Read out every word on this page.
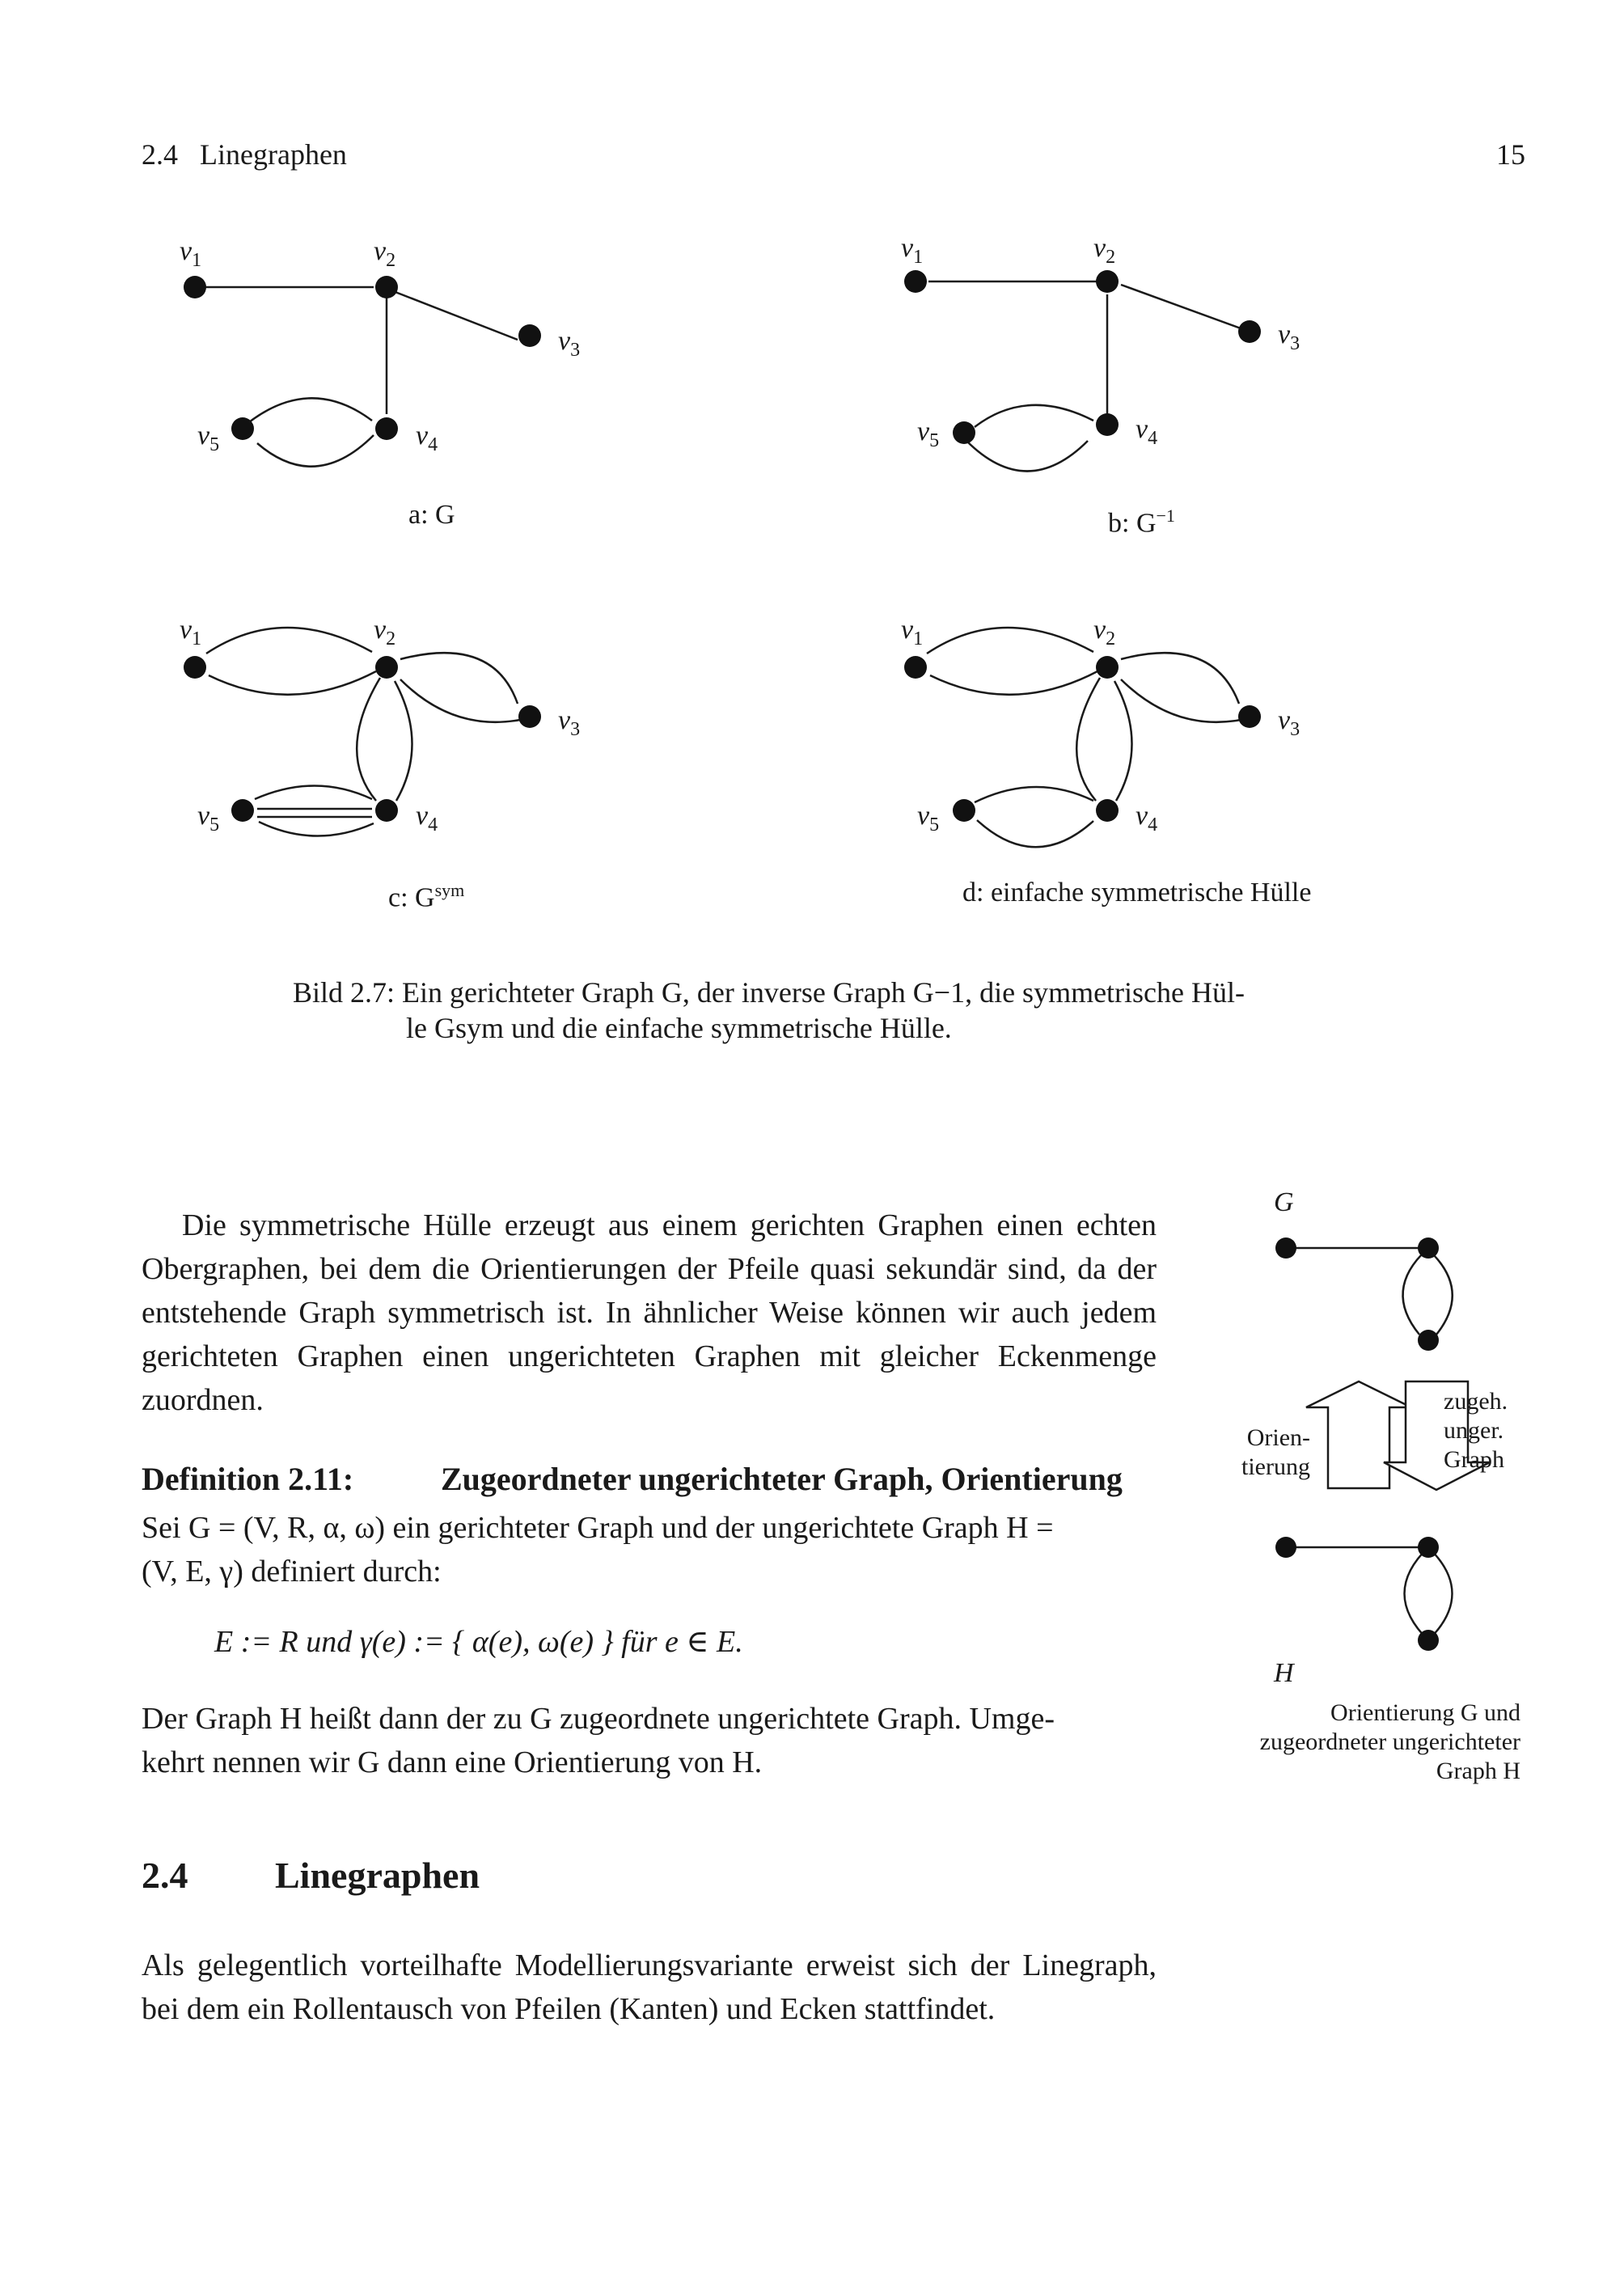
2.4 Linegraphen	15
$v_1$	$v_2$
$v_3$
$v_4$
$v_5$
a: G
$v_1$	$v_2$
$v_3$
$v_4$
$v_5$
b: $G^{-1}$
$v_1$	$v_2$
$v_3$
$v_4$
$v_5$
c: $G^{sym}$
$v_1$	$v_2$
$v_3$
$v_4$
$v_5$
d: einfache symmetrische Hülle
Bild 2.7: Ein gerichteter Graph G, der inverse Graph G−1, die symmetrische Hül-
le Gsym und die einfache symmetrische Hülle.
Die symmetrische Hülle erzeugt aus einem gerichten Graphen einen echten Obergraphen, bei dem die Orientierungen der Pfeile quasi sekundär sind, da der entstehende Graph symmetrisch ist. In ähnlicher Weise können wir auch jedem gerichteten Graphen einen ungerichteten Graphen mit gleicher Eckenmenge zuordnen.
Definition 2.11:	Zugeordneter ungerichteter Graph, Orientierung
Sei G = (V, R, α, ω) ein gerichteter Graph und der ungerichtete Graph H =
(V, E, γ) definiert durch:
E := R und γ(e) := { α(e), ω(e) } für e ∈ E.
Der Graph H heißt dann der zu G zugeordnete ungerichtete Graph. Umge-
kehrt nennen wir G dann eine Orientierung von H.
2.4 Linegraphen
Als gelegentlich vorteilhafte Modellierungsvariante erweist sich der Linegraph, bei dem ein Rollentausch von Pfeilen (Kanten) und Ecken stattfindet.
G
Orien-
tierung
zugeh.
unger.
Graph
H
Orientierung G und
zugeordneter ungerichteter
Graph H
